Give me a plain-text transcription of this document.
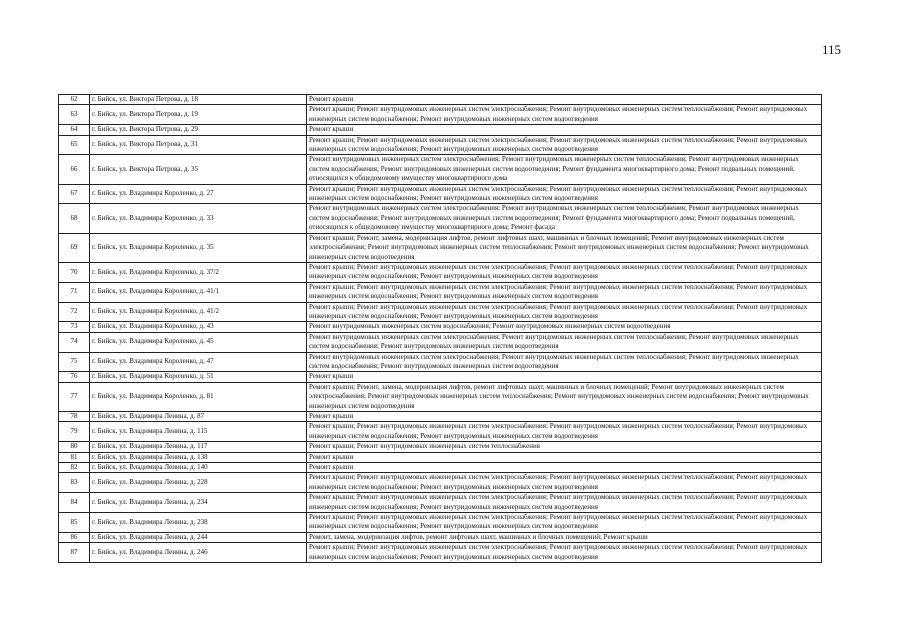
115
62	г. Бийск, ул. Виктора Петрова, д. 18	Ремонт крыши
63	г. Бийск, ул. Виктора Петрова, д. 19	Ремонт крыши; Ремонт внутридомовых инженерных систем электроснабжения; Ремонт внутридомовых инженерных систем теплоснабжения; Ремонт внутридомовых инженерных систем водоснабжения; Ремонт внутридомовых инженерных систем водоотведения
64	г. Бийск, ул. Виктора Петрова, д. 29	Ремонт крыши
65	г. Бийск, ул. Виктора Петрова, д. 31	Ремонт крыши; Ремонт внутридомовых инженерных систем электроснабжения; Ремонт внутридомовых инженерных систем теплоснабжения; Ремонт внутридомовых инженерных систем водоснабжения; Ремонт внутридомовых инженерных систем водоотведения
66	г. Бийск, ул. Виктора Петрова, д. 35	Ремонт внутридомовых инженерных систем электроснабжения; Ремонт внутридомовых инженерных систем теплоснабжения; Ремонт внутридомовых инженерных систем водоснабжения; Ремонт внутридомовых инженерных систем водоотведения; Ремонт фундамента многоквартирного дома; Ремонт подвальных помещений, относящихся к общедомовому имуществу многоквартирного дома
67	г. Бийск, ул. Владимира Короленко, д. 27	Ремонт крыши; Ремонт внутридомовых инженерных систем электроснабжения; Ремонт внутридомовых инженерных систем теплоснабжения; Ремонт внутридомовых инженерных систем водоснабжения; Ремонт внутридомовых инженерных систем водоотведения
68	г. Бийск, ул. Владимира Короленко, д. 33	Ремонт внутридомовых инженерных систем электроснабжения; Ремонт внутридомовых инженерных систем теплоснабжения; Ремонт внутридомовых инженерных систем водоснабжения; Ремонт внутридомовых инженерных систем водоотведения; Ремонт фундамента многоквартирного дома; Ремонт подвальных помещений, относящихся к общедомовому имуществу многоквартирного дома; Ремонт фасада
69	г. Бийск, ул. Владимира Короленко, д. 35	Ремонт крыши; Ремонт, замена, модернизация лифтов, ремонт лифтовых шахт, машинных и блочных помещений; Ремонт внутридомовых инженерных систем электроснабжения; Ремонт внутридомовых инженерных систем теплоснабжения; Ремонт внутридомовых инженерных систем водоснабжения; Ремонт внутридомовых инженерных систем водоотведения
70	г. Бийск, ул. Владимира Короленко, д. 37/2	Ремонт крыши; Ремонт внутридомовых инженерных систем электроснабжения; Ремонт внутридомовых инженерных систем теплоснабжения; Ремонт внутридомовых инженерных систем водоснабжения; Ремонт внутридомовых инженерных систем водоотведения
71	г. Бийск, ул. Владимира Короленко, д. 41/1	Ремонт крыши; Ремонт внутридомовых инженерных систем электроснабжения; Ремонт внутридомовых инженерных систем теплоснабжения; Ремонт внутридомовых инженерных систем водоснабжения; Ремонт внутридомовых инженерных систем водоотведения
72	г. Бийск, ул. Владимира Короленко, д. 41/2	Ремонт крыши; Ремонт внутридомовых инженерных систем электроснабжения; Ремонт внутридомовых инженерных систем теплоснабжения; Ремонт внутридомовых инженерных систем водоснабжения; Ремонт внутридомовых инженерных систем водоотведения
73	г. Бийск, ул. Владимира Короленко, д. 43	Ремонт внутридомовых инженерных систем водоснабжения; Ремонт внутридомовых инженерных систем водоотведения
74	г. Бийск, ул. Владимира Короленко, д. 45	Ремонт внутридомовых инженерных систем электроснабжения; Ремонт внутридомовых инженерных систем теплоснабжения; Ремонт внутридомовых инженерных систем водоснабжения; Ремонт внутридомовых инженерных систем водоотведения
75	г. Бийск, ул. Владимира Короленко, д. 47	Ремонт внутридомовых инженерных систем электроснабжения; Ремонт внутридомовых инженерных систем теплоснабжения; Ремонт внутридомовых инженерных систем водоснабжения; Ремонт внутридомовых инженерных систем водоотведения
76	г. Бийск, ул. Владимира Короленко, д. 51	Ремонт крыши
77	г. Бийск, ул. Владимира Короленко, д. 81	Ремонт крыши; Ремонт, замена, модернизация лифтов, ремонт лифтовых шахт, машинных и блочных помещений; Ремонт внутридомовых инженерных систем электроснабжения; Ремонт внутридомовых инженерных систем теплоснабжения; Ремонт внутридомовых инженерных систем водоснабжения; Ремонт внутридомовых инженерных систем водоотведения
78	г. Бийск, ул. Владимира Ленина, д. 87	Ремонт крыши
79	г. Бийск, ул. Владимира Ленина, д. 115	Ремонт крыши; Ремонт внутридомовых инженерных систем электроснабжения; Ремонт внутридомовых инженерных систем теплоснабжения; Ремонт внутридомовых инженерных систем водоснабжения; Ремонт внутридомовых инженерных систем водоотведения
80	г. Бийск, ул. Владимира Ленина, д. 117	Ремонт крыши; Ремонт внутридомовых инженерных систем теплоснабжения
81	г. Бийск, ул. Владимира Ленина, д. 138	Ремонт крыши
82	г. Бийск, ул. Владимира Ленина, д. 140	Ремонт крыши
83	г. Бийск, ул. Владимира Ленина, д. 228	Ремонт крыши; Ремонт внутридомовых инженерных систем электроснабжения; Ремонт внутридомовых инженерных систем теплоснабжения; Ремонт внутридомовых инженерных систем водоснабжения; Ремонт внутридомовых инженерных систем водоотведения
84	г. Бийск, ул. Владимира Ленина, д. 234	Ремонт крыши; Ремонт внутридомовых инженерных систем электроснабжения; Ремонт внутридомовых инженерных систем теплоснабжения; Ремонт внутридомовых инженерных систем водоснабжения; Ремонт внутридомовых инженерных систем водоотведения
85	г. Бийск, ул. Владимира Ленина, д. 238	Ремонт крыши; Ремонт внутридомовых инженерных систем электроснабжения; Ремонт внутридомовых инженерных систем теплоснабжения; Ремонт внутридомовых инженерных систем водоснабжения; Ремонт внутридомовых инженерных систем водоотведения
86	г. Бийск, ул. Владимира Ленина, д. 244	Ремонт, замена, модернизация лифтов, ремонт лифтовых шахт, машинных и блочных помещений; Ремонт крыши
87	г. Бийск, ул. Владимира Ленина, д. 246	Ремонт крыши; Ремонт внутридомовых инженерных систем электроснабжения; Ремонт внутридомовых инженерных систем теплоснабжения; Ремонт внутридомовых инженерных систем водоснабжения; Ремонт внутридомовых инженерных систем водоотведения
